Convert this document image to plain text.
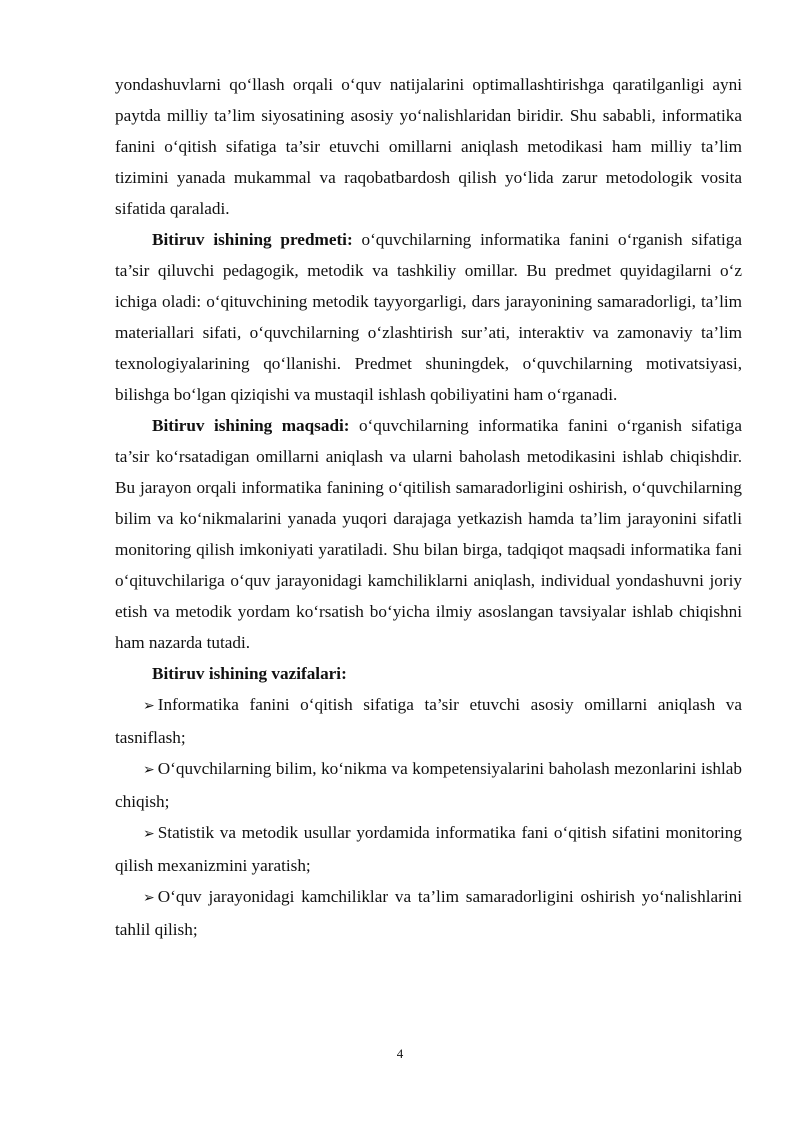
yondashuvlarni qo‘llash orqali o‘quv natijalarini optimallashtirishga qaratilganligi ayni paytda milliy ta’lim siyosatining asosiy yo‘nalishlaridan biridir. Shu sababli, informatika fanini o‘qitish sifatiga ta’sir etuvchi omillarni aniqlash metodikasi ham milliy ta’lim tizimini yanada mukammal va raqobatbardosh qilish yo‘lida zarur metodologik vosita sifatida qaraladi.

Bitiruv ishining predmeti: o‘quvchilarning informatika fanini o‘rganish sifatiga ta’sir qiluvchi pedagogik, metodik va tashkiliy omillar. Bu predmet quyidagilarni o‘z ichiga oladi: o‘qituvchining metodik tayyorgarligi, dars jarayonining samaradorligi, ta’lim materiallari sifati, o‘quvchilarning o‘zlashtirish sur’ati, interaktiv va zamonaviy ta’lim texnologiyalarining qo‘llanishi. Predmet shuningdek, o‘quvchilarning motivatsiyasi, bilishga bo‘lgan qiziqishi va mustaqil ishlash qobiliyatini ham o‘rganadi.

Bitiruv ishining maqsadi: o‘quvchilarning informatika fanini o‘rganish sifatiga ta’sir ko‘rsatadigan omillarni aniqlash va ularni baholash metodikasini ishlab chiqishdir. Bu jarayon orqali informatika fanining o‘qitilish samaradorligini oshirish, o‘quvchilarning bilim va ko‘nikmalarini yanada yuqori darajaga yetkazish hamda ta’lim jarayonini sifatli monitoring qilish imkoniyati yaratiladi. Shu bilan birga, tadqiqot maqsadi informatika fani o‘qituvchilariga o‘quv jarayonidagi kamchiliklarni aniqlash, individual yondashuvni joriy etish va metodik yordam ko‘rsatish bo‘yicha ilmiy asoslangan tavsiyalar ishlab chiqishni ham nazarda tutadi.

Bitiruv ishining vazifalari:

➢ Informatika fanini o‘qitish sifatiga ta’sir etuvchi asosiy omillarni aniqlash va tasniflash;

➢ O‘quvchilarning bilim, ko‘nikma va kompetensiyalarini baholash mezonlarini ishlab chiqish;

➢ Statistik va metodik usullar yordamida informatika fani o‘qitish sifatini monitoring qilish mexanizmini yaratish;

➢ O‘quv jarayonidagi kamchiliklar va ta’lim samaradorligini oshirish yo‘nalishlarini tahlil qilish;

4
